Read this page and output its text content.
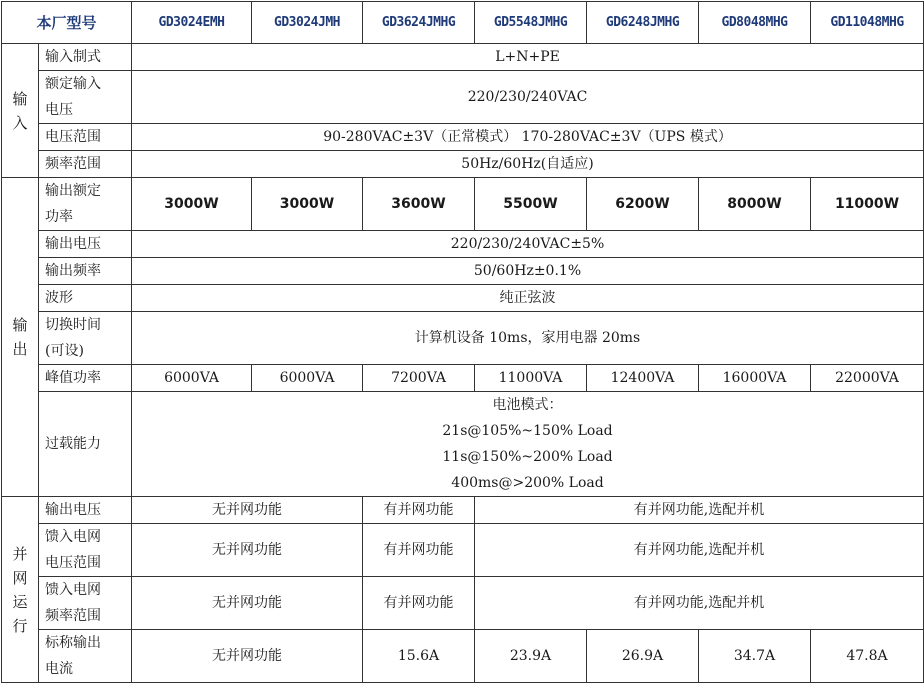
本厂型号		GD3024EMH	GD3024JMH	GD3624JMHG	GD5548JMHG	GD6248JMHG	GD8048MHG	GD11048MHG

输
入	输入制式	L+N+PE						

	额定输入
电压	220/230/240VAC						
	电压范围	90-280VAC±3V（正常模式） 170-280VAC±3V（UPS 模式）						
	频率范围	50Hz/60Hz(自适应)						

输
出	输出额定
功率	3000W	3000W	3600W	5500W	6200W	8000W	11000W
	输出电压	220/230/240VAC±5%						
	输出频率	50/60Hz±0.1%						
	波形	纯正弦波						

	切换时间
(可设)	计算机设备 10ms，家用电器 20ms						
	峰值功率	6000VA	6000VA	7200VA	11000VA	12400VA	16000VA	22000VA
	过载能力	电池模式：
21s@105%~150% Load
11s@150%~200% Load
400ms@>200% Load						

并
网
运
行	输出电压	无并网功能		有并网功能	有并网功能,选配并机			

	馈入电网
电压范围	无并网功能		有并网功能	有并网功能,选配并机			

	馈入电网
频率范围	无并网功能		有并网功能	有并网功能,选配并机			

	标称输出
电流	无并网功能		15.6A	23.9A	26.9A	34.7A	47.8A
